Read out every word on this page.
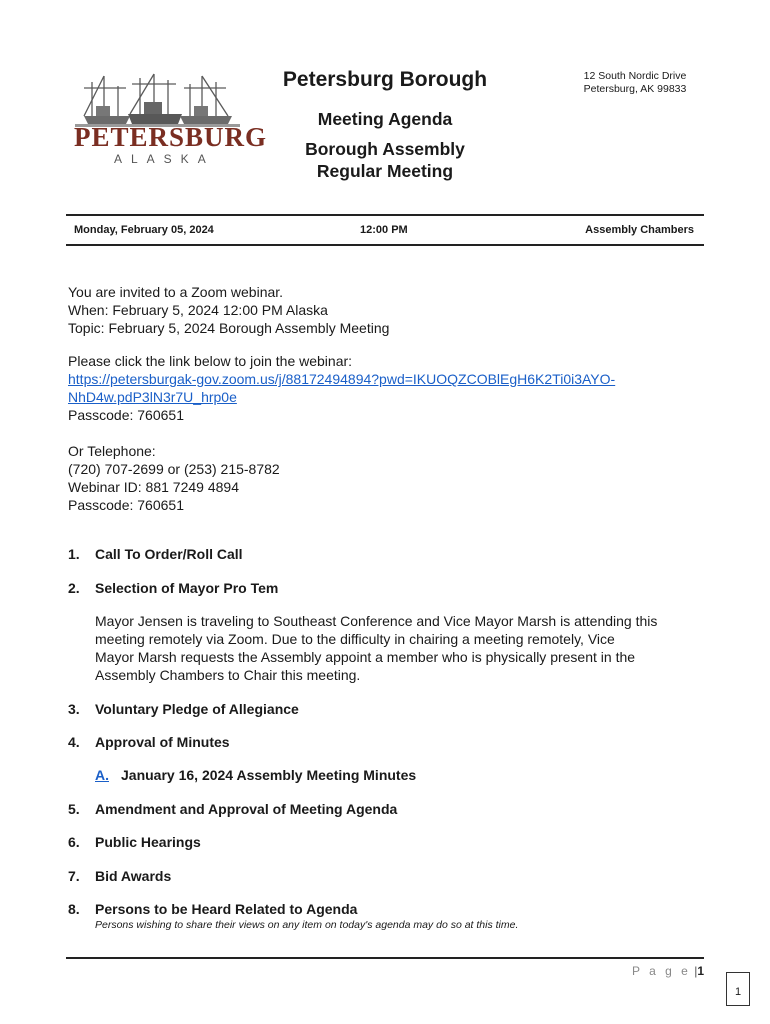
PETERSBURG
ALASKA
Petersburg Borough	12 South Nordic Drive
Petersburg, AK 99833
Meeting Agenda
Borough Assembly
Regular Meeting
Monday, February 05, 2024	12:00 PM	Assembly Chambers
You are invited to a Zoom webinar.
When: February 5, 2024 12:00 PM Alaska
Topic: February 5, 2024 Borough Assembly Meeting
Please click the link below to join the webinar:
https://petersburgak-gov.zoom.us/j/88172494894?pwd=IKUOQZCOBlEgH6K2Ti0i3AYO-
NhD4w.pdP3lN3r7U_hrp0e
Passcode: 760651
Or Telephone:
(720) 707-2699 or (253) 215-8782
Webinar ID: 881 7249 4894
Passcode: 760651
1. Call To Order/Roll Call
2. Selection of Mayor Pro Tem
Mayor Jensen is traveling to Southeast Conference and Vice Mayor Marsh is attending this
meeting remotely via Zoom. Due to the difficulty in chairing a meeting remotely, Vice
Mayor Marsh requests the Assembly appoint a member who is physically present in the
Assembly Chambers to Chair this meeting.
3. Voluntary Pledge of Allegiance
4. Approval of Minutes
A. January 16, 2024 Assembly Meeting Minutes
5. Amendment and Approval of Meeting Agenda
6. Public Hearings
7. Bid Awards
8. Persons to be Heard Related to Agenda
Persons wishing to share their views on any item on today's agenda may do so at this time.
P a g e |1
1
